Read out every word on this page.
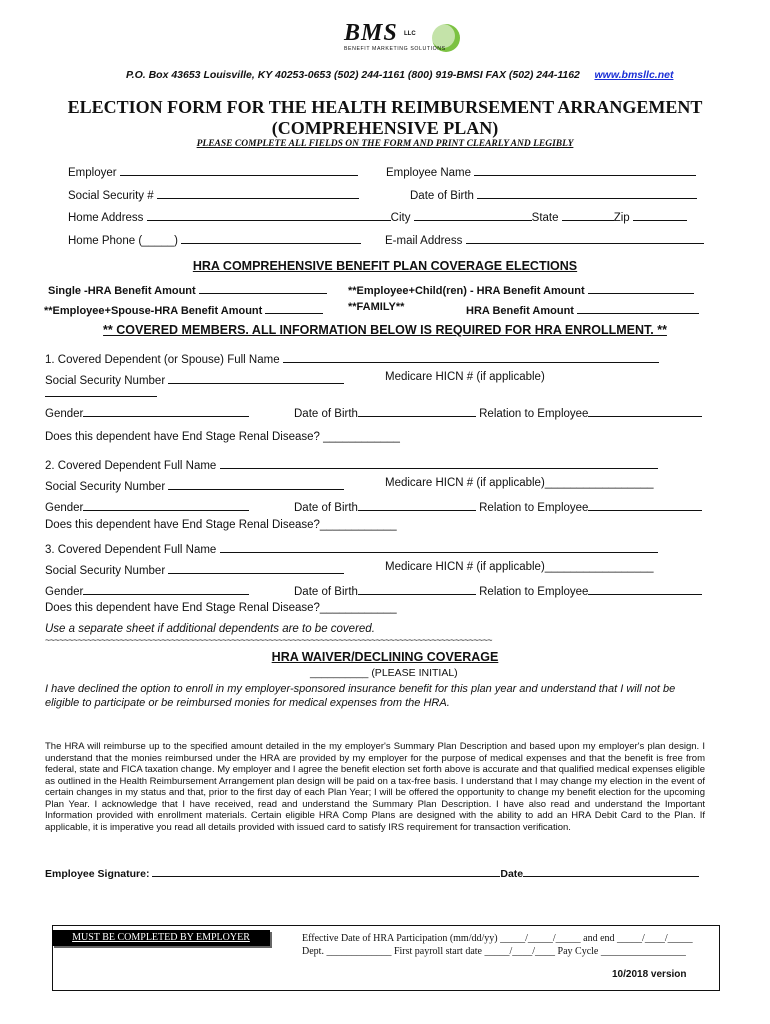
BMS LLC
BENEFIT MARKETING SOLUTIONS
P.O. Box 43653 Louisville, KY 40253-0653 (502) 244-1161 (800) 919-BMSI FAX (502) 244-1162 www.bmsllc.net
ELECTION FORM FOR THE HEALTH REIMBURSEMENT ARRANGEMENT
(COMPREHENSIVE PLAN)
PLEASE COMPLETE ALL FIELDS ON THE FORM AND PRINT CLEARLY AND LEGIBLY
Employer	Employee Name
Social Security #	Date of Birth
Home Address	City	State	Zip
Home Phone (_____)	E-mail Address
HRA COMPREHENSIVE BENEFIT PLAN COVERAGE ELECTIONS
Single -HRA Benefit Amount	**Employee+Child(ren) - HRA Benefit Amount
**Employee+Spouse-HRA Benefit Amount	**FAMILY**	HRA Benefit Amount
** COVERED MEMBERS. ALL INFORMATION BELOW IS REQUIRED FOR HRA ENROLLMENT. **
1. Covered Dependent (or Spouse) Full Name
Social Security Number	Medicare HICN # (if applicable)
Gender	Date of Birth	Relation to Employee
Does this dependent have End Stage Renal Disease? ____________
2. Covered Dependent Full Name
Social Security Number	Medicare HICN # (if applicable)_________________
Gender	Date of Birth	Relation to Employee
Does this dependent have End Stage Renal Disease?____________
3. Covered Dependent Full Name
Social Security Number	Medicare HICN # (if applicable)_________________
Gender	Date of Birth	Relation to Employee
Does this dependent have End Stage Renal Disease?____________
Use a separate sheet if additional dependents are to be covered.
~~~~~~~~~~~~~~~~~~~~~~~~~~~~~~~~~~~~~~~~~~~~~~~~~~~~~~~~~~~~~~~~~~~~~~~~~~~~~~~~~~~~~~~~~~~~~~~~
HRA WAIVER/DECLINING COVERAGE
__________ (PLEASE INITIAL)
I have declined the option to enroll in my employer-sponsored insurance benefit for this plan year and understand that I will not be eligible to participate or be reimbursed monies for medical expenses from the HRA.
The HRA will reimburse up to the specified amount detailed in the my employer's Summary Plan Description and based upon my employer's plan design. I understand that the monies reimbursed under the HRA are provided by my employer for the purpose of medical expenses and that the benefit is free from federal, state and FICA taxation change. My employer and I agree the benefit election set forth above is accurate and that qualified medical expenses eligible as outlined in the Health Reimbursement Arrangement plan design will be paid on a tax-free basis. I understand that I may change my election in the event of certain changes in my status and that, prior to the first day of each Plan Year; I will be offered the opportunity to change my benefit election for the upcoming Plan Year. I acknowledge that I have received, read and understand the Summary Plan Description. I have also read and understand the Important Information provided with enrollment materials. Certain eligible HRA Comp Plans are designed with the ability to add an HRA Debit Card to the Plan. If applicable, it is imperative you read all details provided with issued card to satisfy IRS requirement for transaction verification.
Employee Signature:	Date
MUST BE COMPLETED BY EMPLOYER	Effective Date of HRA Participation (mm/dd/yy) _____/_____/_____ and end _____/____/_____
Dept. _____________ First payroll start date _____/____/____ Pay Cycle _________________
10/2018 version
